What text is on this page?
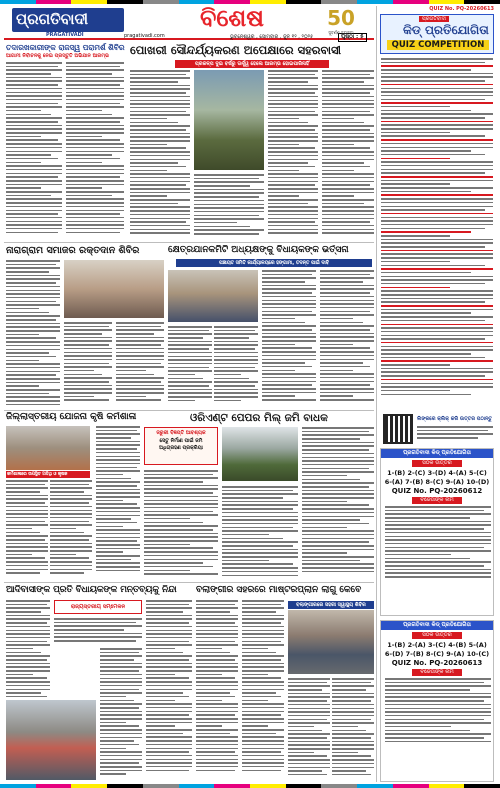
ପ୍ରଗତିବାଦୀ
PRAGATIVADI	pragativadi.com
ବିଶେଷ
ଭୁବନେଶ୍ୱର , ସୋମବାର , ଜୁନ ୧୨ , ୨୦୨୫	ପୃଷ୍ଠା : ୫
50
ସୁବର୍ଣ୍ଣ ଜୟନ୍ତୀ
QUIZ No. PQ-20260613
ପ୍ରଗତିବାଦୀ
କିଡ୍ ପ୍ରତିଯୋଗିତା
QUIZ COMPETITION
ଲିଙ୍କରେ କ୍ଲିକ୍ କରି ଉତ୍ତର ପଠାନ୍ତୁ
ପ୍ରଗତିବାଦୀ କିଡ୍ ପ୍ରତିଯୋଗିତା
ସଠିକ ଉତ୍ତର
1-(B) 2-(C) 3-(D) 4-(A) 5-(C) 6-(A) 7-(B) 8-(C) 9-(A) 10-(D)
QUIZ No. PQ-20260612
ବିଜେତାଙ୍କ ନାମ
ପ୍ରଗତିବାଦୀ କିଡ୍ ପ୍ରତିଯୋଗିତା
ସଠିକ ଉତ୍ତର
1-(B) 2-(A) 3-(C) 4-(B) 5-(A) 6-(D) 7-(B) 8-(C) 9-(A) 10-(C)
QUIZ No. PQ-20260613
ବିଜେତାଙ୍କ ନାମ
ତଦାରଖକାରୀଙ୍କ ରାଜସ୍ୱ ପରାମର୍ଶ ଶିବିର
ଆଗାମୀ ନିର୍ବାଚନକୁ ନେଇ ପ୍ରସ୍ତୁତି ଅଭିଯାନ ଆରମ୍ଭ	ପୋଖରୀ ସୌନ୍ଦର୍ଯ୍ୟକରଣ ଅପେକ୍ଷାରେ ସହରବାସୀ
ପ୍ରକଳ୍ପ ଦୁଇ ବର୍ଷରୁ ଊର୍ଦ୍ଧ୍ୱ ହେଲେ ଆରମ୍ଭ ହୋଇପାରିନାହିଁ
ନାରାଗ୍ରାମ ସମାଜର ରକ୍ତଦାନ ଶିବିର	କ୍ଷେତ୍ରଯାନକମିଟି ଅଧ୍ୟକ୍ଷଙ୍କୁ ବିଧାୟକଙ୍କ ଭର୍ତ୍ସନା
ପଞ୍ଚାୟତ ସମିତି କାର୍ଯ୍ୟାଳୟରେ ହଙ୍ଗାମା, ତଦନ୍ତ ପାଇଁ ଦାବି
ଜିଲ୍ଲାସ୍ତରୀୟ ଯୋଜନା କୃଷି କର୍ମଶାଳା
କର୍ମଶାଳାରେ ଉପସ୍ଥିତ ଅତିଥି ଓ କୃଷକ
ଓରିଏଣ୍ଟ ପେପର ମିଲ୍ ଜମି ବାଧକ
ଜରୁରୀ ବିଜ୍ଞପ୍ତି ଆବଶ୍ୟକ
ସେତୁ ନିର୍ମାଣ ପାଇଁ ଜମି ଅଧିଗ୍ରହଣ ପ୍ରକ୍ରିୟା
ଆଦିବାସୀଙ୍କ ପ୍ରତି ବିଧାୟକଙ୍କ ମନ୍ତବ୍ୟକୁ ନିନ୍ଦା
ରାଜ୍ୟସ୍ତରୀୟ ସମ୍ମେଳନ
ବଲାଙ୍ଗୀର ସହରରେ ମାଷ୍ଟରପ୍ଲାନ ଲାଗୁ କେବେ
ବଲାଙ୍ଗୀରରେ ସହରୀ ସ୍ୱାସ୍ଥ୍ୟ ଶିବିର
